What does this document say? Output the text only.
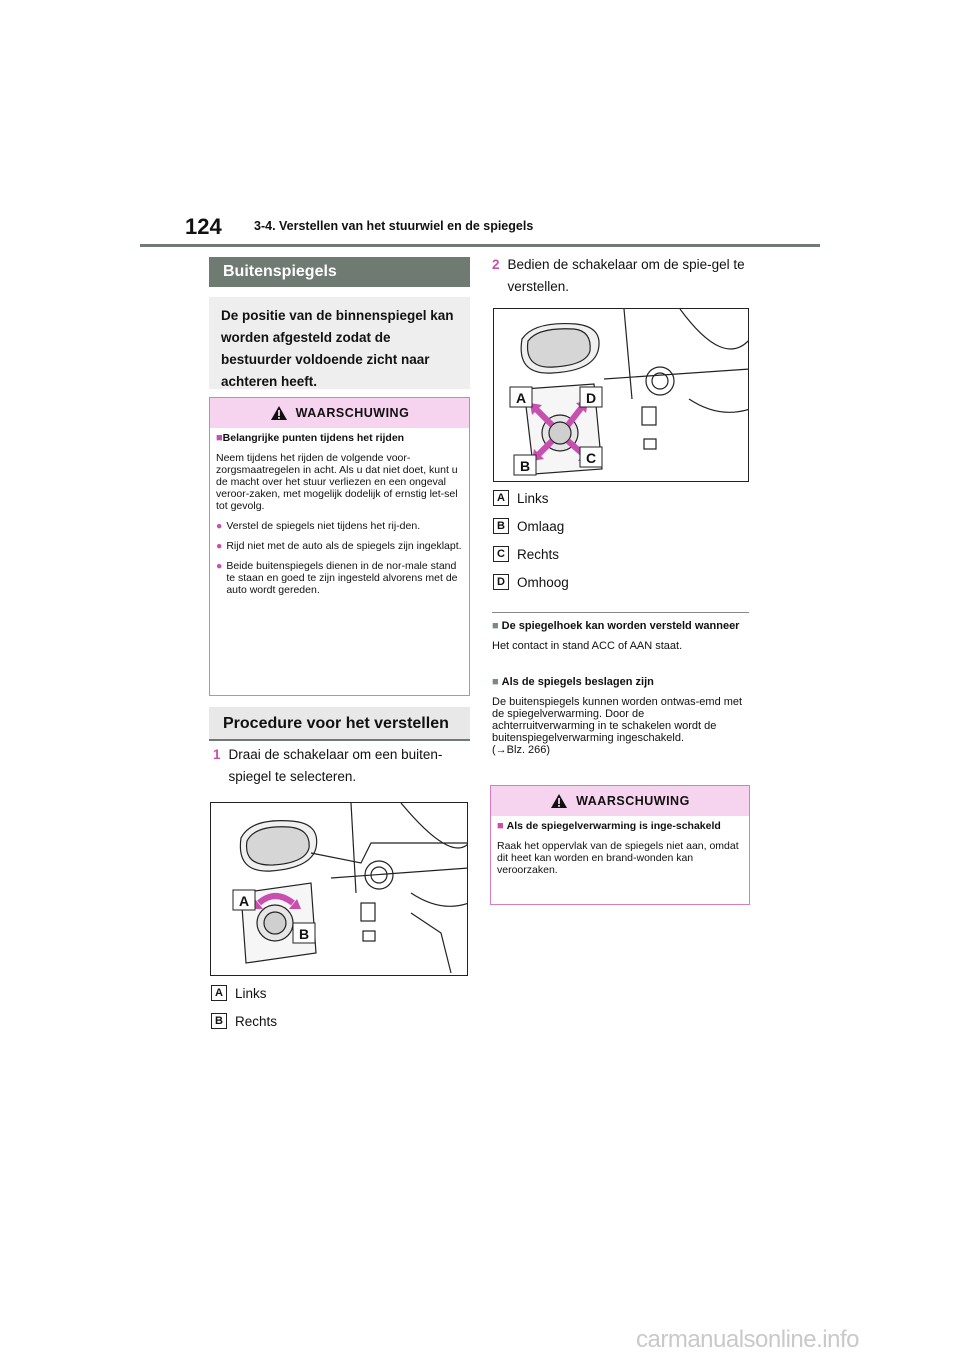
124	3-4. Verstellen van het stuurwiel en de spiegels
Buitenspiegels
De positie van de binnenspiegel kan worden afgesteld zodat de bestuurder voldoende zicht naar achteren heeft.
WAARSCHUWING

■Belangrijke punten tijdens het rijden

Neem tijdens het rijden de volgende voor-zorgsmaatregelen in acht. Als u dat niet doet, kunt u de macht over het stuur verliezen en een ongeval veroor-zaken, met mogelijk dodelijk of ernstig let-sel tot gevolg.

● Verstel de spiegels niet tijdens het rij-den.
● Rijd niet met de auto als de spiegels zijn ingeklapt.
● Beide buitenspiegels dienen in de nor-male stand te staan en goed te zijn ingesteld alvorens met de auto wordt gereden.
Procedure voor het verstellen
1 Draai de schakelaar om een buiten-spiegel te selecteren.
A
B
A Links
B Rechts
2 Bedien de schakelaar om de spie-gel te verstellen.
A	D
B	C
A Links
B Omlaag
C Rechts
D Omhoog
■ De spiegelhoek kan worden versteld wanneer
Het contact in stand ACC of AAN staat.
■ Als de spiegels beslagen zijn
De buitenspiegels kunnen worden ontwas-emd met de spiegelverwarming. Door de achterruitverwarming in te schakelen wordt de buitenspiegelverwarming ingeschakeld.
(→Blz. 266)
WAARSCHUWING
■ Als de spiegelverwarming is inge-schakeld

Raak het oppervlak van de spiegels niet aan, omdat dit heet kan worden en brand-wonden kan veroorzaken.

carmanualsonline.info
